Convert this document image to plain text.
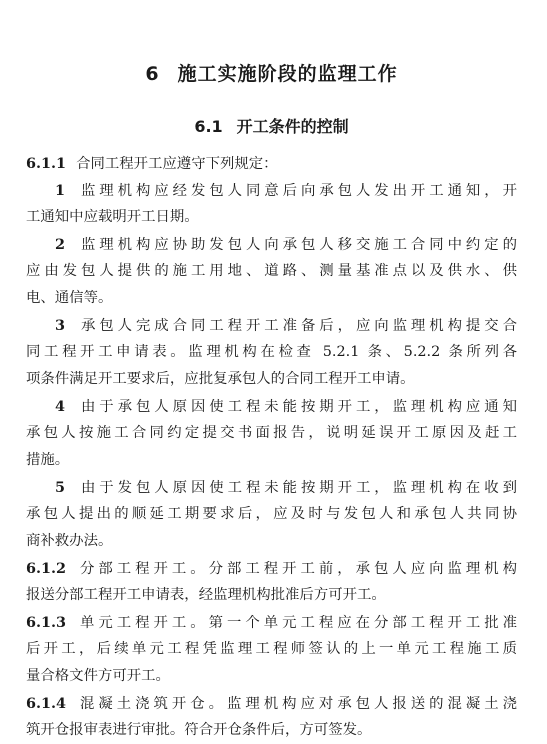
6 施工实施阶段的监理工作
6.1 开工条件的控制
6.1.1 合同工程开工应遵守下列规定：
1 监理机构应经发包人同意后向承包人发出开工通知，开
工通知中应载明开工日期。
2 监理机构应协助发包人向承包人移交施工合同中约定的
应由发包人提供的施工用地、道路、测量基准点以及供水、供
电、通信等。
3 承包人完成合同工程开工准备后，应向监理机构提交合
同工程开工申请表。监理机构在检查 5.2.1 条、5.2.2 条所列各
项条件满足开工要求后，应批复承包人的合同工程开工申请。
4 由于承包人原因使工程未能按期开工，监理机构应通知
承包人按施工合同约定提交书面报告，说明延误开工原因及赶工
措施。
5 由于发包人原因使工程未能按期开工，监理机构在收到
承包人提出的顺延工期要求后，应及时与发包人和承包人共同协
商补救办法。
6.1.2 分部工程开工。分部工程开工前，承包人应向监理机构
报送分部工程开工申请表，经监理机构批准后方可开工。
6.1.3 单元工程开工。第一个单元工程应在分部工程开工批准
后开工，后续单元工程凭监理工程师签认的上一单元工程施工质
量合格文件方可开工。
6.1.4 混凝土浇筑开仓。监理机构应对承包人报送的混凝土浇
筑开仓报审表进行审批。符合开仓条件后，方可签发。
